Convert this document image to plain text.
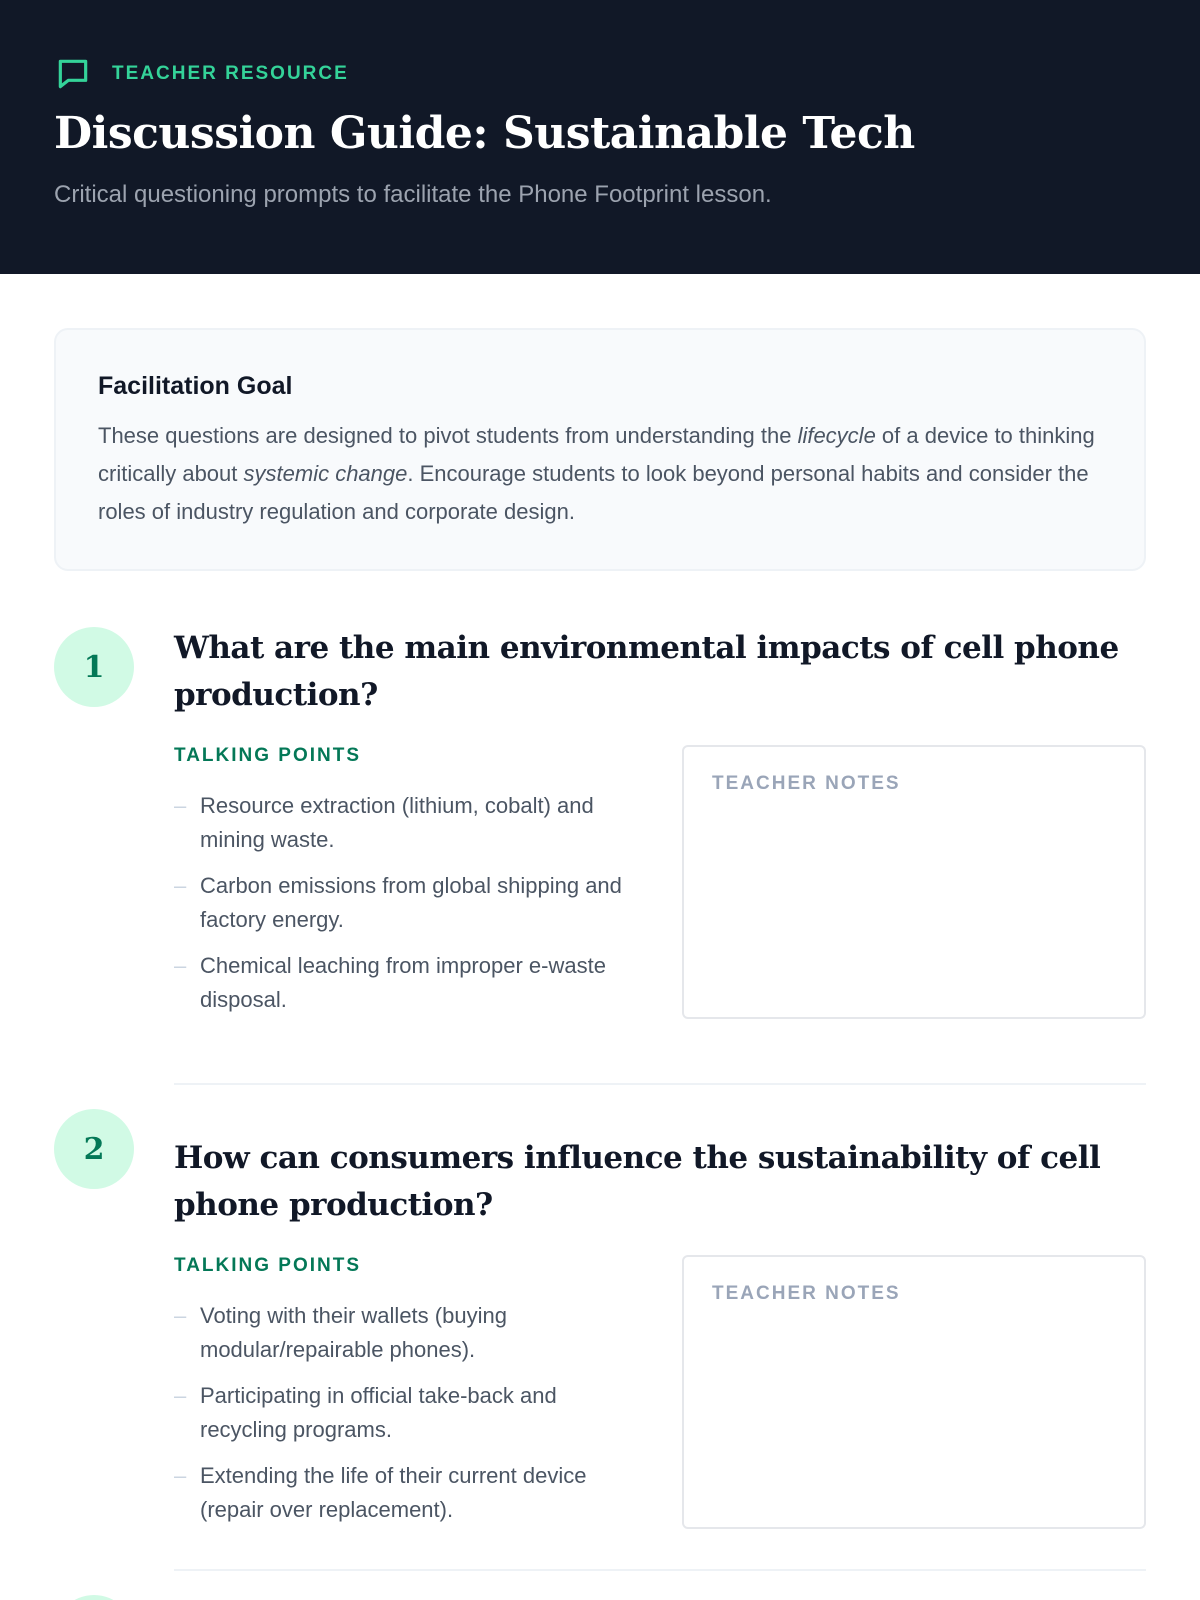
TEACHER RESOURCE
Discussion Guide: Sustainable Tech

Critical questioning prompts to facilitate the Phone Footprint lesson.

Facilitation Goal

These questions are designed to pivot students from understanding the lifecycle of a device to thinking critically about systemic change. Encourage students to look beyond personal habits and consider the roles of industry regulation and corporate design.

1
What are the main environmental impacts of cell phone production?
TALKING POINTS
– Resource extraction (lithium, cobalt) and mining waste.
– Carbon emissions from global shipping and factory energy.
– Chemical leaching from improper e-waste disposal.
TEACHER NOTES
2	How can consumers influence the sustainability of cell phone production?
TALKING POINTS
– Voting with their wallets (buying modular/repairable phones).
– Participating in official take-back and recycling programs.
– Extending the life of their current device (repair over replacement).
TEACHER NOTES
